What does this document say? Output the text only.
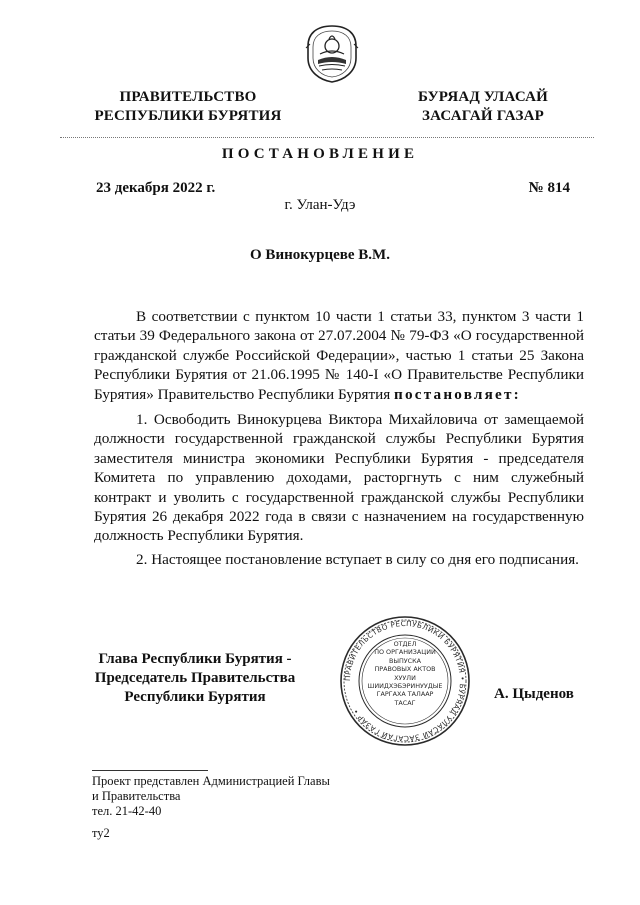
ПРАВИТЕЛЬСТВО
РЕСПУБЛИКИ БУРЯТИЯ
БУРЯАД УЛАСАЙ
ЗАСАГАЙ ГАЗАР
ПОСТАНОВЛЕНИЕ
23 декабря 2022 г.	№ 814
г. Улан-Удэ
О Винокурцеве В.М.
В соответствии с пунктом 10 части 1 статьи 33, пунктом 3 части 1 статьи 39 Федерального закона от 27.07.2004 № 79-ФЗ «О государственной гражданской службе Российской Федерации», частью 1 статьи 25 Закона Республики Бурятия от 21.06.1995 № 140-I «О Правительстве Республики Бурятия» Правительство Республики Бурятия постановляет:
1. Освободить Винокурцева Виктора Михайловича от замещаемой должности государственной гражданской службы Республики Бурятия заместителя министра экономики Республики Бурятия - председателя Комитета по управлению доходами, расторгнуть с ним служебный контракт и уволить с государственной гражданской службы Республики Бурятия 26 декабря 2022 года в связи с назначением на государственную должность Республики Бурятия.
2. Настоящее постановление вступает в силу со дня его подписания.
Глава Республики Бурятия -
Председатель Правительства
Республики Бурятия	А. Цыденов
ПРАВИТЕЛЬСТВО РЕСПУБЛИКИ БУРЯТИЯ • БУРЯАД УЛАСАЙ ЗАСАГАЙ ГАЗАР •
ОТДЕЛ
ПО ОРГАНИЗАЦИИ
ВЫПУСКА
ПРАВОВЫХ АКТОВ
ХУУЛИ
ШИИДХЭБЭРИНУУДЫЕ
ГАРГАХА ТАЛААР
ТАСАГ
Проект представлен Администрацией Главы
и Правительства
тел. 21-42-40
ту2
